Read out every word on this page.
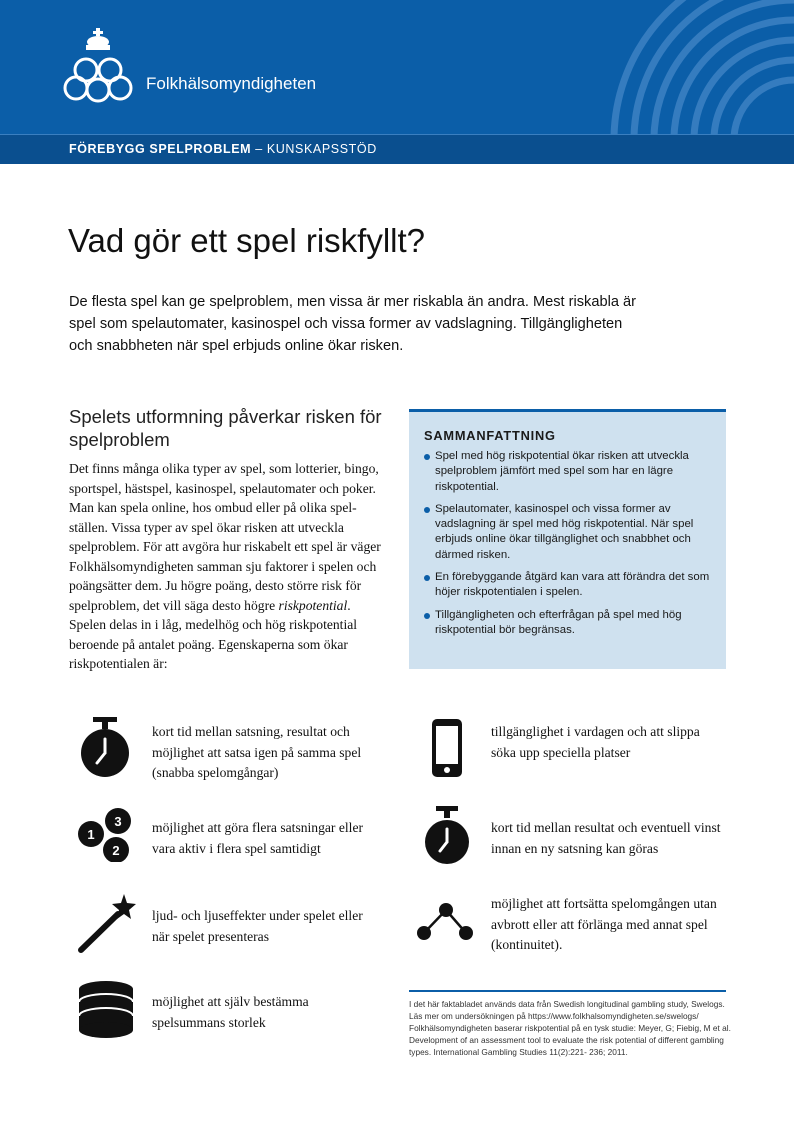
Folkhälsomyndigheten
FÖREBYGG SPELPROBLEM – KUNSKAPSSTÖD
Vad gör ett spel riskfyllt?

De flesta spel kan ge spelproblem, men vissa är mer riskabla än andra. Mest riskabla är spel som spelautomater, kasinospel och vissa former av vadslagning. Tillgängligheten och snabbheten när spel erbjuds online ökar risken.

Spelets utformning påverkar risken för spelproblem

Det finns många olika typer av spel, som lotterier, bingo, sportspel, hästspel, kasinospel, spelautomater och poker. Man kan spela online, hos ombud eller på olika spelställen. Vissa typer av spel ökar risken att utveckla spelproblem. För att avgöra hur riskabelt ett spel är väger Folkhälsomyndigheten samman sju faktorer i spelen och poängsätter dem. Ju högre poäng, desto större risk för spelproblem, det vill säga desto högre riskpotential. Spelen delas in i låg, medelhög och hög riskpotential beroende på antalet poäng. Egenskaperna som ökar riskpotentialen är:

SAMMANFATTNING
Spel med hög riskpotential ökar risken att utveckla spelproblem jämfört med spel som har en lägre riskpotential.
Spelautomater, kasinospel och vissa former av vadslagning är spel med hög riskpotential. När spel erbjuds online ökar tillgänglighet och snabbhet och därmed risken.
En förebyggande åtgärd kan vara att förändra det som höjer riskpotentialen i spelen.
Tillgängligheten och efterfrågan på spel med hög riskpotential bör begränsas.
kort tid mellan satsning, resultat och möjlighet att satsa igen på samma spel (snabba spelomgångar)
3
1
2
möjlighet att göra flera satsningar eller vara aktiv i flera spel samtidigt
ljud- och ljuseffekter under spelet eller när spelet presenteras
möjlighet att själv bestämma spelsummans storlek
tillgänglighet i vardagen och att slippa söka upp speciella platser
kort tid mellan resultat och eventuell vinst innan en ny satsning kan göras
möjlighet att fortsätta spelomgången utan avbrott eller att förlänga med annat spel (kontinuitet).

I det här faktabladet används data från Swedish longitudinal gambling study, Swelogs. Läs mer om undersökningen på https://www.folkhalsomyndigheten.se/swelogs/ Folkhälsomyndigheten baserar riskpotential på en tysk studie: Meyer, G; Fiebig, M et al. Development of an assessment tool to evaluate the risk potential of different gambling types. International Gambling Studies 11(2):221- 236; 2011.
